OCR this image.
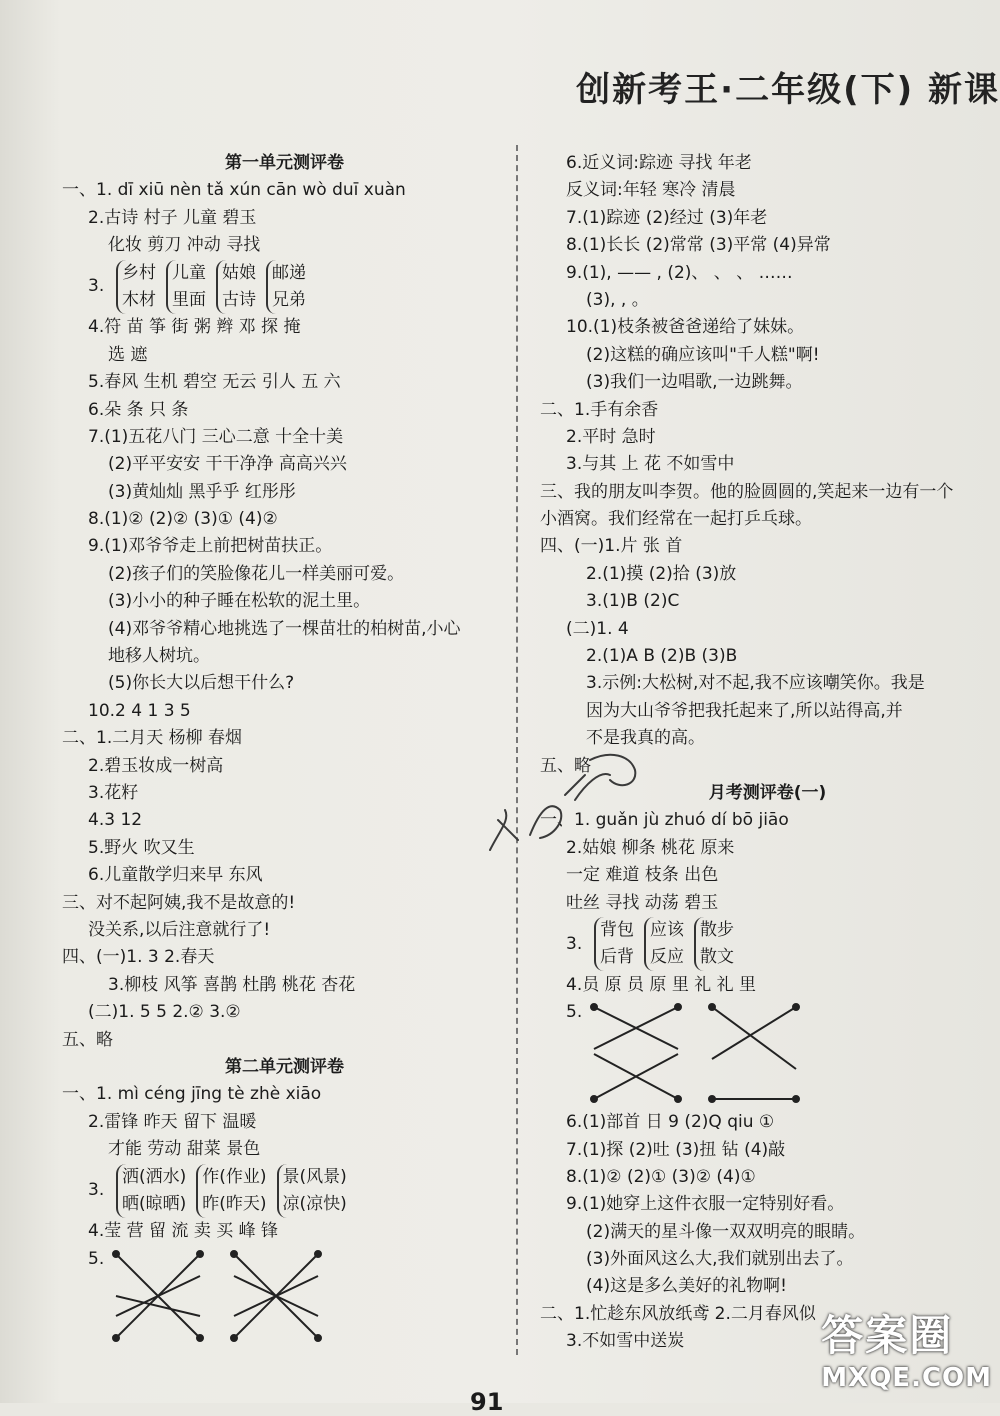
创新考王·二年级(下) 新课
第一单元测评卷
一、1. dī xiū nèn tǎ xún cān wò duī xuàn
2.古诗 村子 儿童 碧玉
化妆 剪刀 冲动 寻找
3.
乡村
木材
儿童
里面
姑娘
古诗
邮递
兄弟
4.符 苗 筝 街 粥 辫 邓 探 掩
选 遮
5.春风 生机 碧空 无云 引人 五 六
6.朵 条 只 条
7.(1)五花八门 三心二意 十全十美
(2)平平安安 干干净净 高高兴兴
(3)黄灿灿 黑乎乎 红彤彤
8.(1)② (2)② (3)① (4)②
9.(1)邓爷爷走上前把树苗扶正。
(2)孩子们的笑脸像花儿一样美丽可爱。
(3)小小的种子睡在松软的泥土里。
(4)邓爷爷精心地挑选了一棵苗壮的柏树苗,小心
地移人树坑。
(5)你长大以后想干什么?
10.2 4 1 3 5
二、1.二月天 杨柳 春烟
2.碧玉妆成一树高
3.花籽
4.3 12
5.野火 吹又生
6.儿童散学归来早 东风
三、对不起阿姨,我不是故意的!
没关系,以后注意就行了!
四、(一)1. 3 2.春天
3.柳枝 风筝 喜鹊 杜鹃 桃花 杏花
(二)1. 5 5 2.② 3.②
五、略
第二单元测评卷
一、1. mì céng jīng tè zhè xiāo
2.雷锋 昨天 留下 温暖
才能 劳动 甜菜 景色
3.
洒(洒水)
晒(晾晒)
作(作业)
昨(昨天)
景(风景)
凉(凉快)
4.莹 营 留 流 卖 买 峰 锋
5.
6.近义词:踪迹 寻找 年老
反义词:年轻 寒冷 清晨
7.(1)踪迹 (2)经过 (3)年老
8.(1)长长 (2)常常 (3)平常 (4)异常
9.(1), —— , (2)、 、 、 ……
(3), , 。
10.(1)枝条被爸爸递给了妹妹。
(2)这糕的确应该叫"千人糕"啊!
(3)我们一边唱歌,一边跳舞。
二、1.手有余香
2.平时 急时
3.与其 上 花 不如雪中
三、我的朋友叫李贺。他的脸圆圆的,笑起来一边有一个
小酒窝。我们经常在一起打乒乓球。
四、(一)1.片 张 首
2.(1)摸 (2)拾 (3)放
3.(1)B (2)C
(二)1. 4
2.(1)A B (2)B (3)B
3.示例:大松树,对不起,我不应该嘲笑你。我是
因为大山爷爷把我托起来了,所以站得高,并
不是我真的高。
五、略
月考测评卷(一)
一、1. guǎn jù zhuó dí bō jiāo
2.姑娘 柳条 桃花 原来
一定 难道 枝条 出色
吐丝 寻找 动荡 碧玉
3.
背包
后背
应该
反应
散步
散文
4.员 原 员 原 里 礼 礼 里
5.
6.(1)部首 日 9 (2)Q qiu ①
7.(1)探 (2)吐 (3)扭 钻 (4)敲
8.(1)② (2)① (3)② (4)①
9.(1)她穿上这件衣服一定特别好看。
(2)满天的星斗像一双双明亮的眼睛。
(3)外面风这么大,我们就别出去了。
(4)这是多么美好的礼物啊!
二、1.忙趁东风放纸鸢 2.二月春风似
3.不如雪中送炭
91
答案圈
MXQE.COM
